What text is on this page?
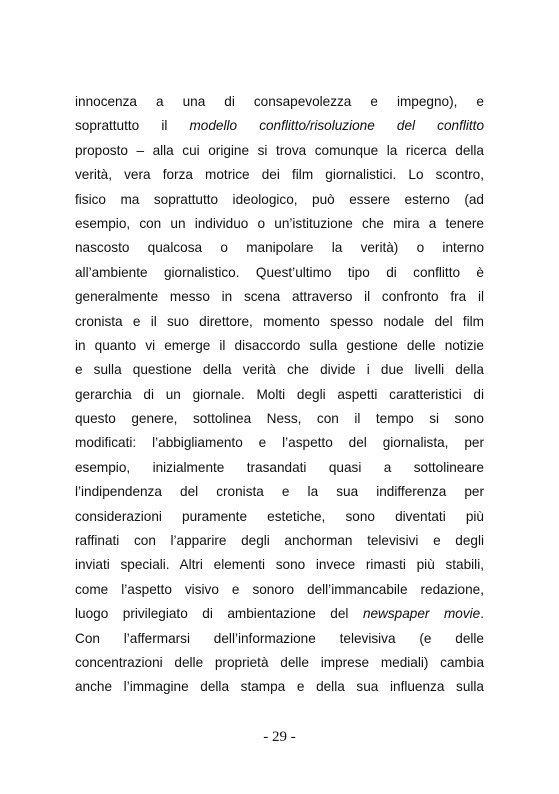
innocenza a una di consapevolezza e impegno), e
soprattutto il modello conflitto/risoluzione del conflitto
proposto – alla cui origine si trova comunque la ricerca della
verità, vera forza motrice dei film giornalistici. Lo scontro,
fisico ma soprattutto ideologico, può essere esterno (ad
esempio, con un individuo o un’istituzione che mira a tenere
nascosto qualcosa o manipolare la verità) o interno
all’ambiente giornalistico. Quest’ultimo tipo di conflitto è
generalmente messo in scena attraverso il confronto fra il
cronista e il suo direttore, momento spesso nodale del film
in quanto vi emerge il disaccordo sulla gestione delle notizie
e sulla questione della verità che divide i due livelli della
gerarchia di un giornale. Molti degli aspetti caratteristici di
questo genere, sottolinea Ness, con il tempo si sono
modificati: l’abbigliamento e l’aspetto del giornalista, per
esempio, inizialmente trasandati quasi a sottolineare
l’indipendenza del cronista e la sua indifferenza per
considerazioni puramente estetiche, sono diventati più
raffinati con l’apparire degli anchorman televisivi e degli
inviati speciali. Altri elementi sono invece rimasti più stabili,
come l’aspetto visivo e sonoro dell’immancabile redazione,
luogo privilegiato di ambientazione del newspaper movie.
Con l’affermarsi dell’informazione televisiva (e delle
concentrazioni delle proprietà delle imprese mediali) cambia
anche l’immagine della stampa e della sua influenza sulla
- 29 -
